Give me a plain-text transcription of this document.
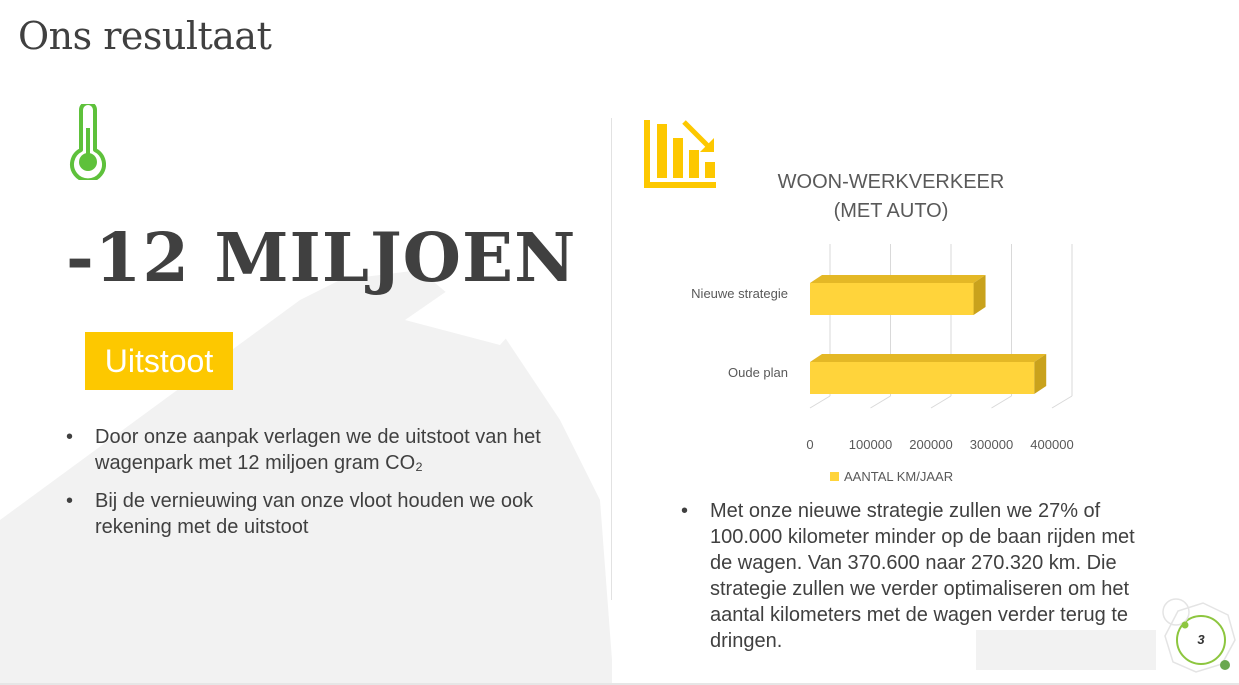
Ons resultaat
-12 MILJOEN
Uitstoot
• Door onze aanpak verlagen we de uitstoot van het wagenpark met 12 miljoen gram CO₂
• Bij de vernieuwing van onze vloot houden we ook rekening met de uitstoot
WOON-WERKVERKEER
(MET AUTO)
Nieuwe strategie
Oude plan
0	100000 200000 300000 400000
AANTAL KM/JAAR
• Met onze nieuwe strategie zullen we 27% of 100.000 kilometer minder op de baan rijden met de wagen. Van 370.600 naar 270.320 km. Die strategie zullen we verder optimaliseren om het aantal kilometers met de wagen verder terug te dringen.	3
